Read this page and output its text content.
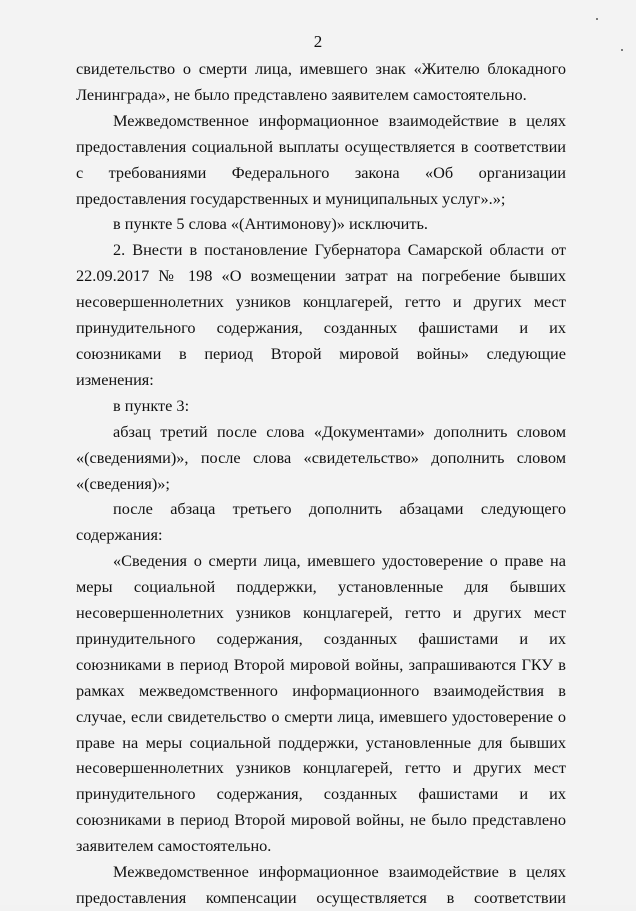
2

свидетельство о смерти лица, имевшего знак «Жителю блокадного Ленинграда», не было представлено заявителем самостоятельно.

Межведомственное информационное взаимодействие в целях предоставления социальной выплаты осуществляется в соответствии с требованиями Федерального закона «Об организации предоставления государственных и муниципальных услуг».»;

в пункте 5 слова «(Антимонову)» исключить.

2. Внести в постановление Губернатора Самарской области от 22.09.2017 № 198 «О возмещении затрат на погребение бывших несовершеннолетних узников концлагерей, гетто и других мест принудительного содержания, созданных фашистами и их союзниками в период Второй мировой войны» следующие изменения:

в пункте 3:

абзац третий после слова «Документами» дополнить словом «(сведениями)», после слова «свидетельство» дополнить словом «(сведения)»;

после абзаца третьего дополнить абзацами следующего содержания:

«Сведения о смерти лица, имевшего удостоверение о праве на меры социальной поддержки, установленные для бывших несовершеннолетних узников концлагерей, гетто и других мест принудительного содержания, созданных фашистами и их союзниками в период Второй мировой войны, запрашиваются ГКУ в рамках межведомственного информационного взаимодействия в случае, если свидетельство о смерти лица, имевшего удостоверение о праве на меры социальной поддержки, установленные для бывших несовершеннолетних узников концлагерей, гетто и других мест принудительного содержания, созданных фашистами и их союзниками в период Второй мировой войны, не было представлено заявителем самостоятельно.

Межведомственное информационное взаимодействие в целях предоставления компенсации осуществляется в соответствии
